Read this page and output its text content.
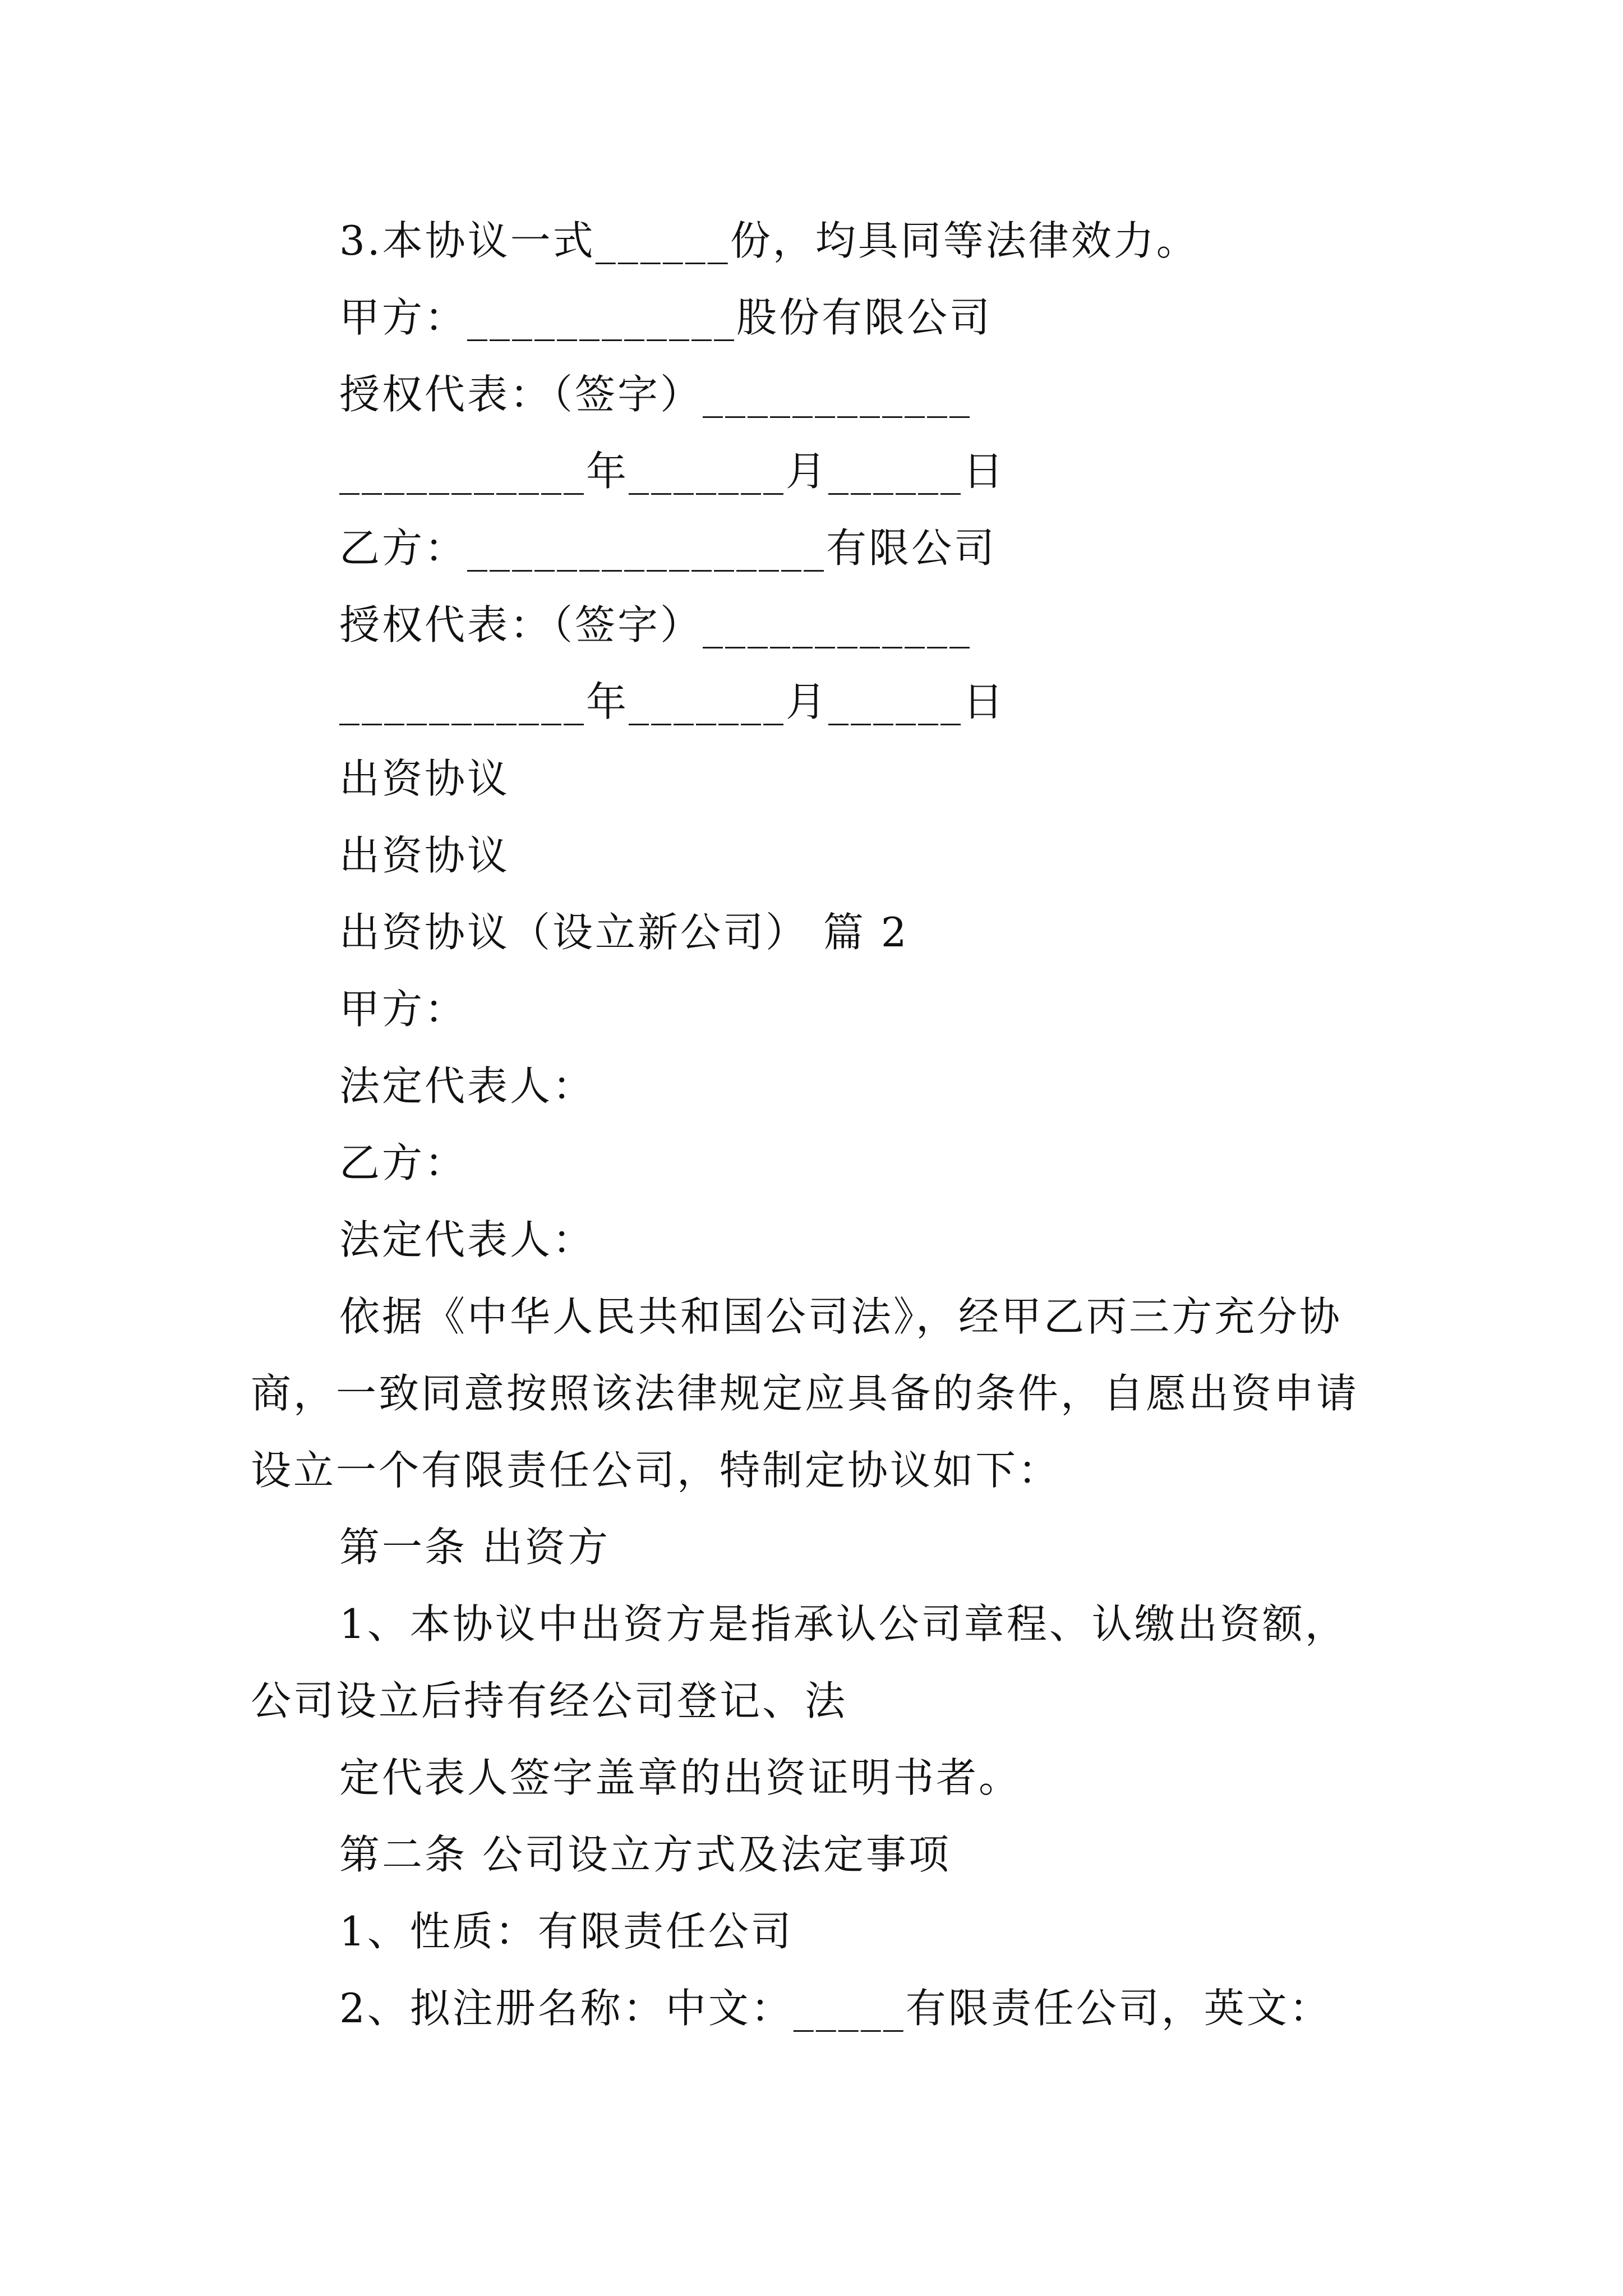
3.本协议一式______份，均具同等法律效力。
甲方：____________股份有限公司
授权代表：（签字）____________
___________年_______月______日
乙方：________________有限公司
授权代表：（签字）____________
___________年_______月______日
出资协议
出资协议
出资协议（设立新公司） 篇 2
甲方：
法定代表人：
乙方：
法定代表人：
依据《中华人民共和国公司法》，经甲乙丙三方充分协
商，一致同意按照该法律规定应具备的条件，自愿出资申请
设立一个有限责任公司，特制定协议如下：
第一条 出资方
1、本协议中出资方是指承认公司章程、认缴出资额，
公司设立后持有经公司登记、法
定代表人签字盖章的出资证明书者。
第二条 公司设立方式及法定事项
1、性质：有限责任公司
2、拟注册名称：中文：_____有限责任公司，英文：
